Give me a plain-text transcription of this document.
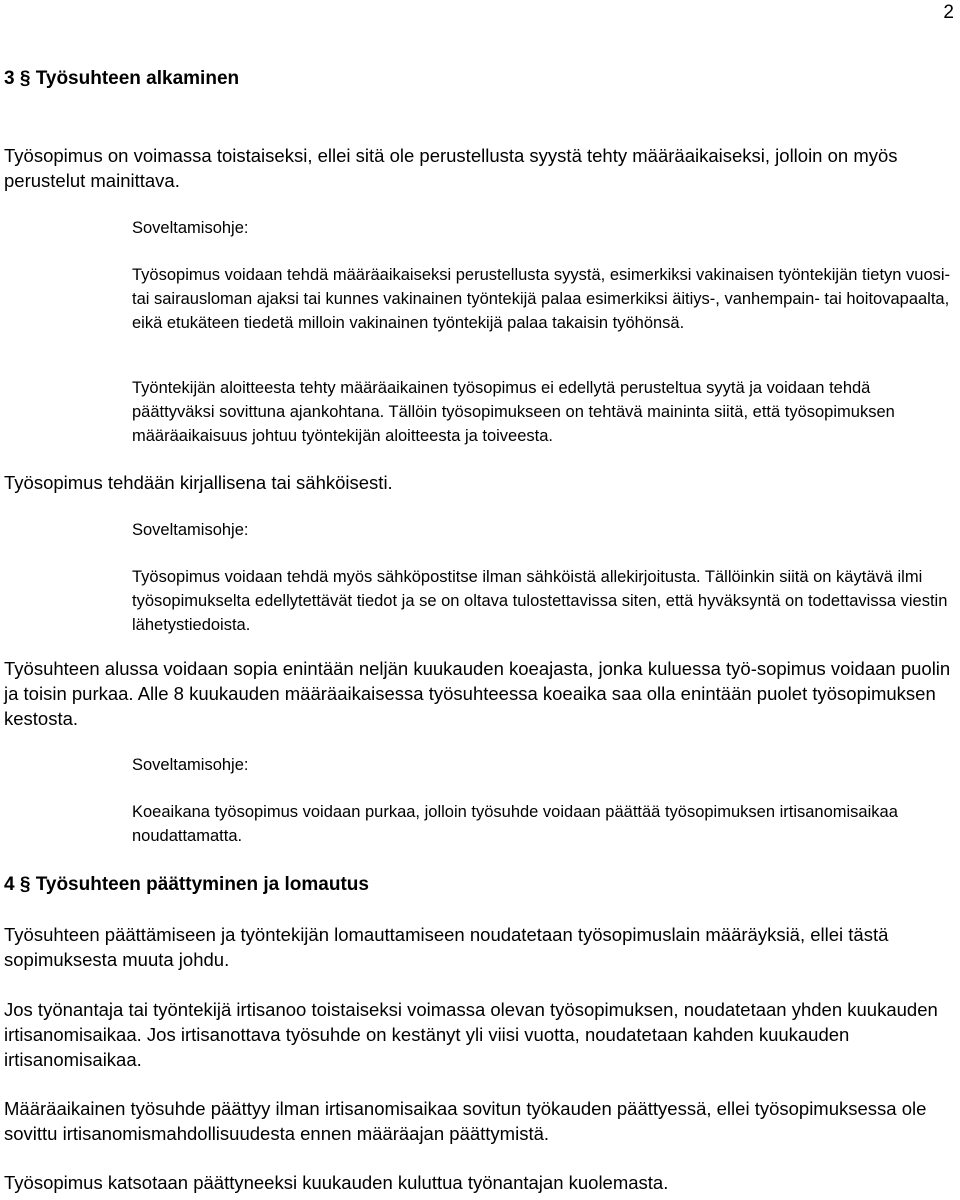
2
3 § Työsuhteen alkaminen

Työsopimus on voimassa toistaiseksi, ellei sitä ole perustellusta syystä tehty määräaikaiseksi, jolloin on myös perustelut mainittava.

Soveltamisohje:

Työsopimus voidaan tehdä määräaikaiseksi perustellusta syystä, esimerkiksi vakinaisen työntekijän tietyn vuosi- tai sairausloman ajaksi tai kunnes vakinainen työntekijä palaa esimerkiksi äitiys-, vanhempain- tai hoitovapaalta, eikä etukäteen tiedetä milloin vakinainen työntekijä palaa takaisin työhönsä.

Työntekijän aloitteesta tehty määräaikainen työsopimus ei edellytä perusteltua syytä ja voidaan tehdä päättyväksi sovittuna ajankohtana. Tällöin työsopimukseen on tehtävä maininta siitä, että työsopimuksen määräaikaisuus johtuu työntekijän aloitteesta ja toiveesta.

Työsopimus tehdään kirjallisena tai sähköisesti.

Soveltamisohje:

Työsopimus voidaan tehdä myös sähköpostitse ilman sähköistä allekirjoitusta. Tällöinkin siitä on käytävä ilmi työsopimukselta edellytettävät tiedot ja se on oltava tulostettavissa siten, että hyväksyntä on todettavissa viestin lähetystiedoista.

Työsuhteen alussa voidaan sopia enintään neljän kuukauden koeajasta, jonka kuluessa työ-sopimus voidaan puolin ja toisin purkaa. Alle 8 kuukauden määräaikaisessa työsuhteessa koeaika saa olla enintään puolet työsopimuksen kestosta.

Soveltamisohje:

Koeaikana työsopimus voidaan purkaa, jolloin työsuhde voidaan päättää työsopimuksen irtisanomisaikaa noudattamatta.

4 § Työsuhteen päättyminen ja lomautus

Työsuhteen päättämiseen ja työntekijän lomauttamiseen noudatetaan työsopimuslain määräyksiä, ellei tästä sopimuksesta muuta johdu.

Jos työnantaja tai työntekijä irtisanoo toistaiseksi voimassa olevan työsopimuksen, noudatetaan yhden kuukauden irtisanomisaikaa. Jos irtisanottava työsuhde on kestänyt yli viisi vuotta, noudatetaan kahden kuukauden irtisanomisaikaa.

Määräaikainen työsuhde päättyy ilman irtisanomisaikaa sovitun työkauden päättyessä, ellei työsopimuksessa ole sovittu irtisanomismahdollisuudesta ennen määräajan päättymistä.

Työsopimus katsotaan päättyneeksi kuukauden kuluttua työnantajan kuolemasta.
